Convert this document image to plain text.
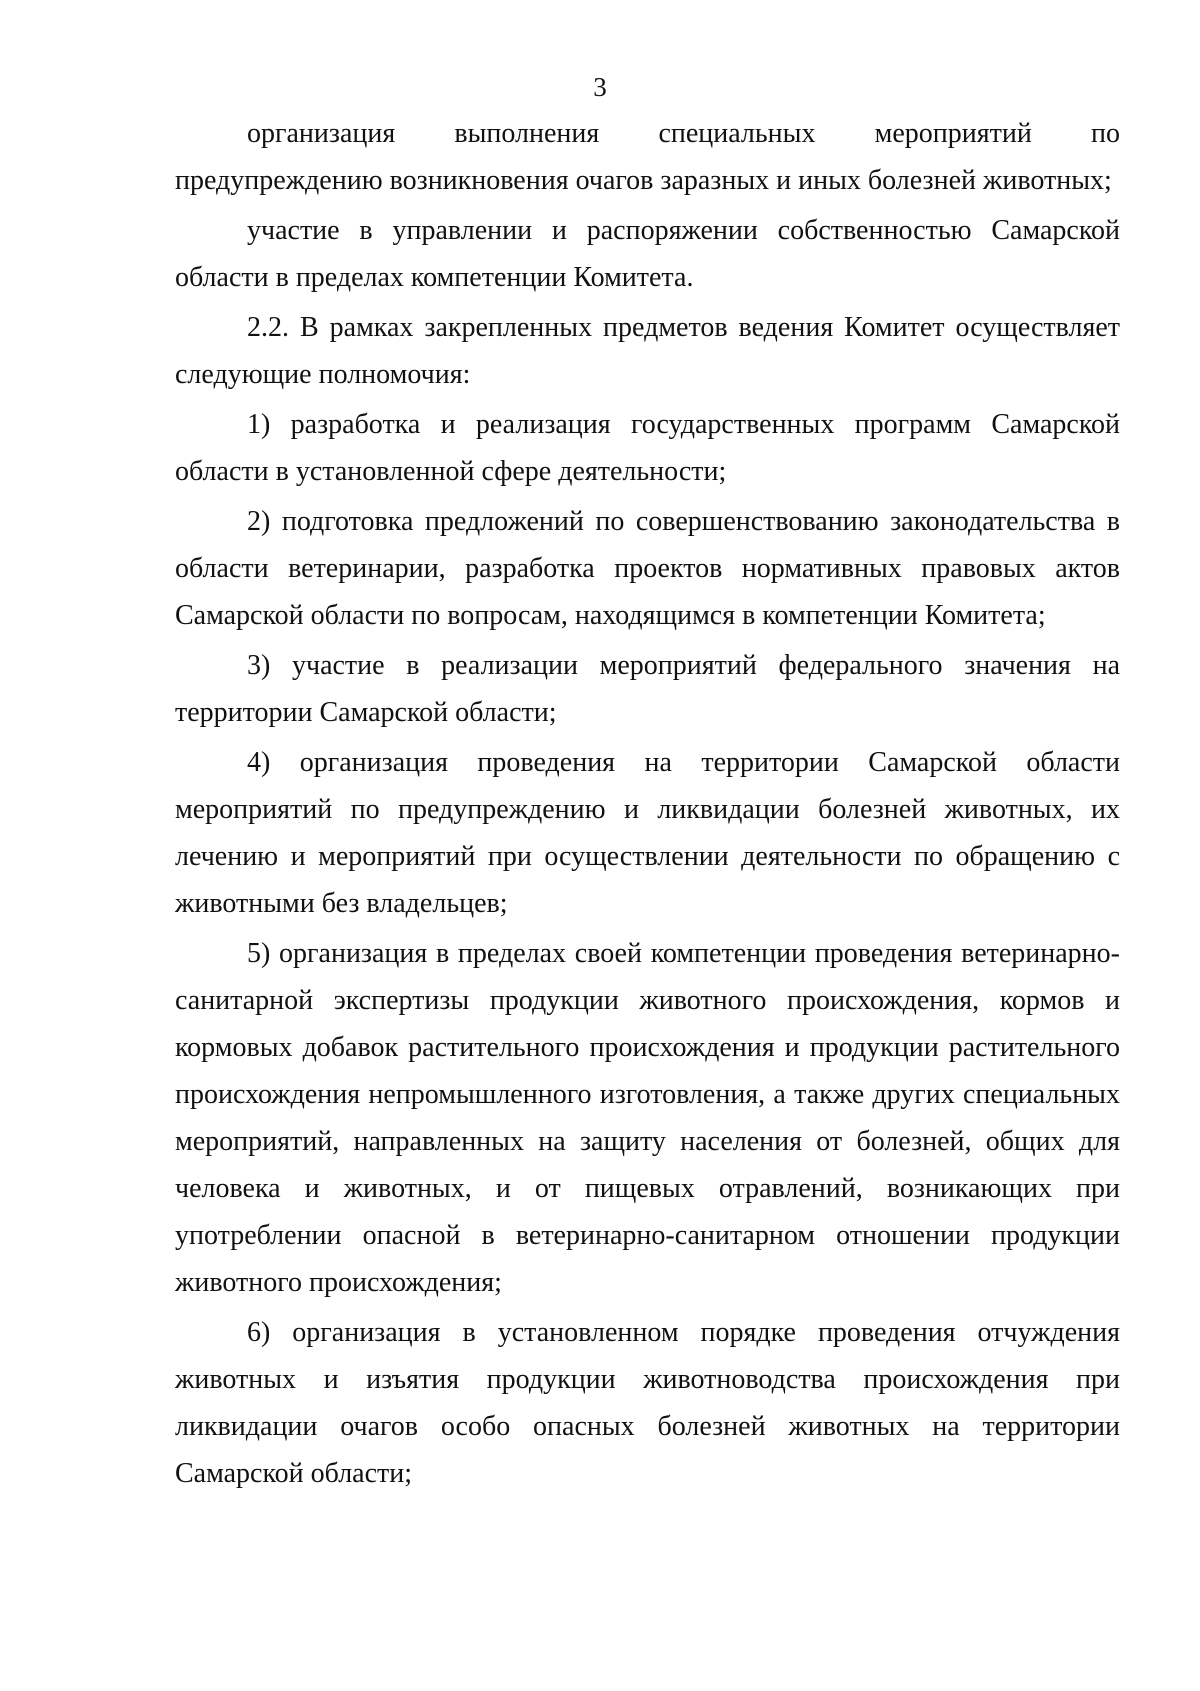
3

организация выполнения специальных мероприятий по предупреждению возникновения очагов заразных и иных болезней животных;

участие в управлении и распоряжении собственностью Самарской области в пределах компетенции Комитета.

2.2. В рамках закрепленных предметов ведения Комитет осуществляет следующие полномочия:

1) разработка и реализация государственных программ Самарской области в установленной сфере деятельности;

2) подготовка предложений по совершенствованию законодательства в области ветеринарии, разработка проектов нормативных правовых актов Самарской области по вопросам, находящимся в компетенции Комитета;

3) участие в реализации мероприятий федерального значения на территории Самарской области;

4) организация проведения на территории Самарской области мероприятий по предупреждению и ликвидации болезней животных, их лечению и мероприятий при осуществлении деятельности по обращению с животными без владельцев;

5) организация в пределах своей компетенции проведения ветеринарно-санитарной экспертизы продукции животного происхождения, кормов и кормовых добавок растительного происхождения и продукции растительного происхождения непромышленного изготовления, а также других специальных мероприятий, направленных на защиту населения от болезней, общих для человека и животных, и от пищевых отравлений, возникающих при употреблении опасной в ветеринарно-санитарном отношении продукции животного происхождения;

6) организация в установленном порядке проведения отчуждения животных и изъятия продукции животноводства происхождения при ликвидации очагов особо опасных болезней животных на территории Самарской области;
